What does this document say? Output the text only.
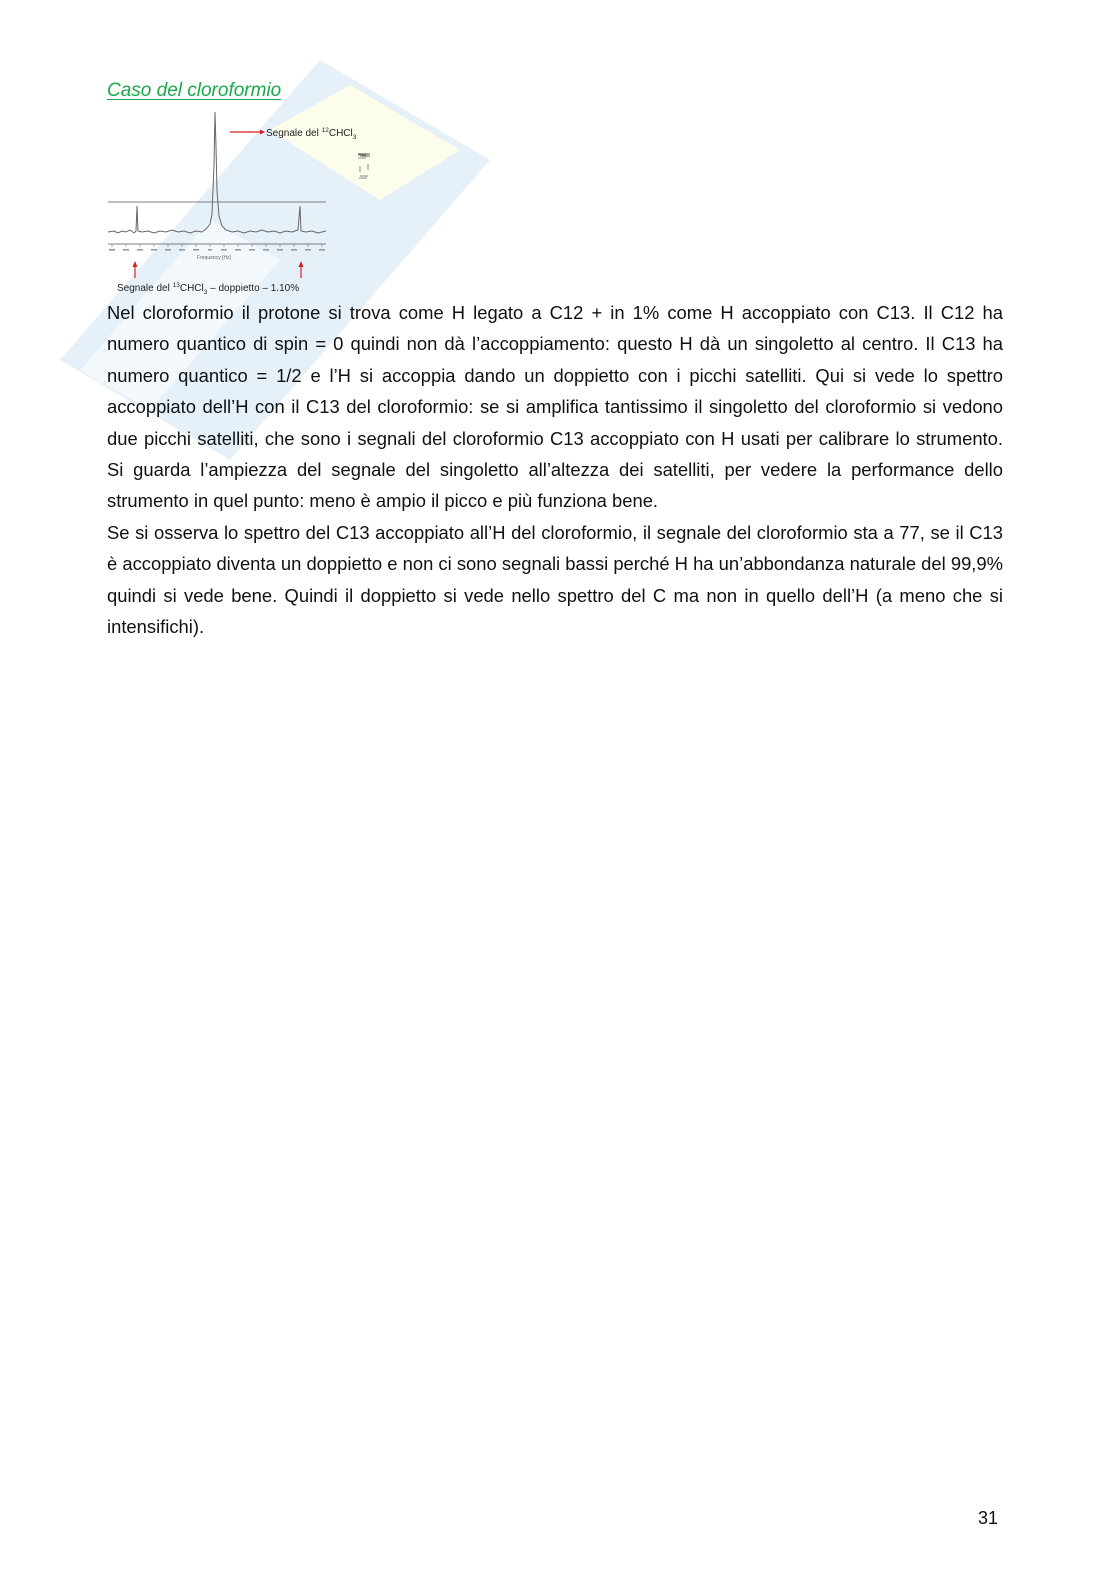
Caso del cloroformio
Frequency [Hz]
Segnale del $^{12}$CHCl$_3$
Segnale del $^{13}$CHCl$_3$ – doppietto – 1.10%

Nel cloroformio il protone si trova come H legato a C12 + in 1% come H accoppiato con C13. Il C12 ha numero quantico di spin = 0 quindi non dà l’accoppiamento: questo H dà un singoletto al centro. Il C13 ha numero quantico = 1/2 e l’H si accoppia dando un doppietto con i picchi satelliti. Qui si vede lo spettro accoppiato dell’H con il C13 del cloroformio: se si amplifica tantissimo il singoletto del cloroformio si vedono due picchi satelliti, che sono i segnali del cloroformio C13 accoppiato con H usati per calibrare lo strumento. Si guarda l’ampiezza del segnale del singoletto all’altezza dei satelliti, per vedere la performance dello strumento in quel punto: meno è ampio il picco e più funziona bene.

Se si osserva lo spettro del C13 accoppiato all’H del cloroformio, il segnale del cloroformio sta a 77, se il C13 è accoppiato diventa un doppietto e non ci sono segnali bassi perché H ha un’abbondanza naturale del 99,9% quindi si vede bene. Quindi il doppietto si vede nello spettro del C ma non in quello dell’H (a meno che si intensifichi).

31
